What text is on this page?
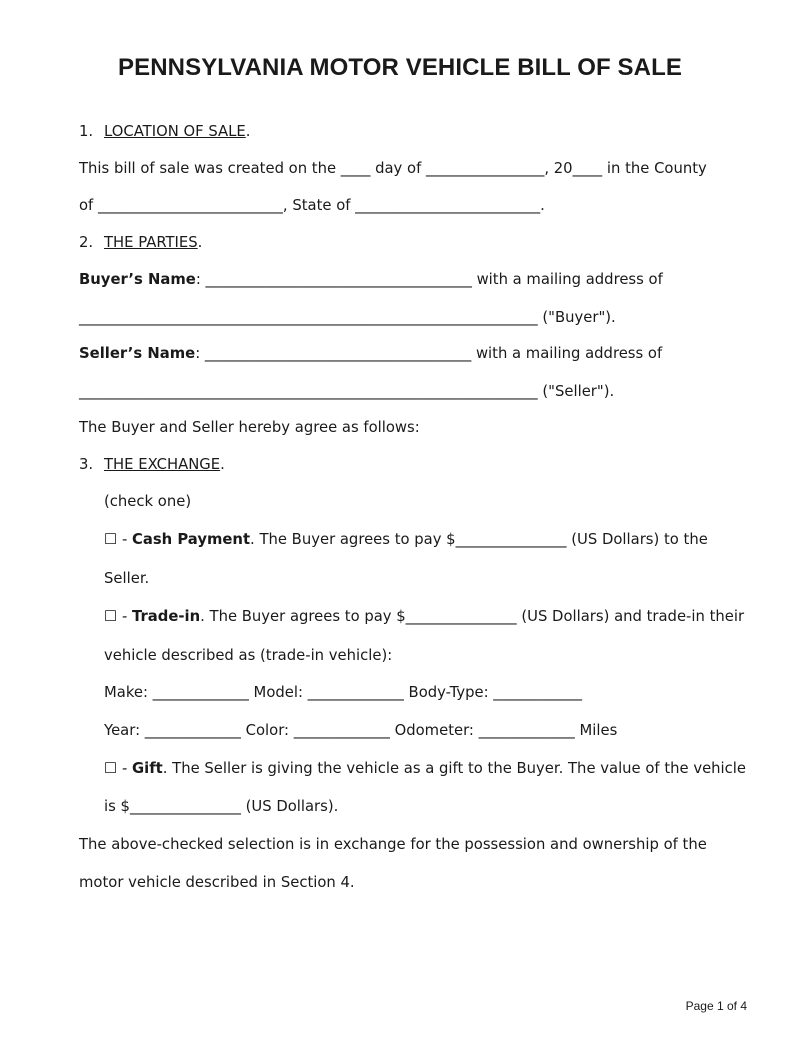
PENNSYLVANIA MOTOR VEHICLE BILL OF SALE
1. LOCATION OF SALE.
This bill of sale was created on the ____ day of ________________, 20____ in the County
of _________________________, State of _________________________.
2. THE PARTIES.
Buyer’s Name: ____________________________________ with a mailing address of
______________________________________________________________ ("Buyer").
Seller’s Name: ____________________________________ with a mailing address of
______________________________________________________________ ("Seller").
The Buyer and Seller hereby agree as follows:
3. THE EXCHANGE.
(check one)
☐ - Cash Payment. The Buyer agrees to pay $_______________ (US Dollars) to the
Seller.
☐ - Trade-in. The Buyer agrees to pay $_______________ (US Dollars) and trade-in their
vehicle described as (trade-in vehicle):
Make: _____________ Model: _____________ Body-Type: ____________
Year: _____________ Color: _____________ Odometer: _____________ Miles
☐ - Gift. The Seller is giving the vehicle as a gift to the Buyer. The value of the vehicle
is $_______________ (US Dollars).
The above-checked selection is in exchange for the possession and ownership of the
motor vehicle described in Section 4.
Page 1 of 4
